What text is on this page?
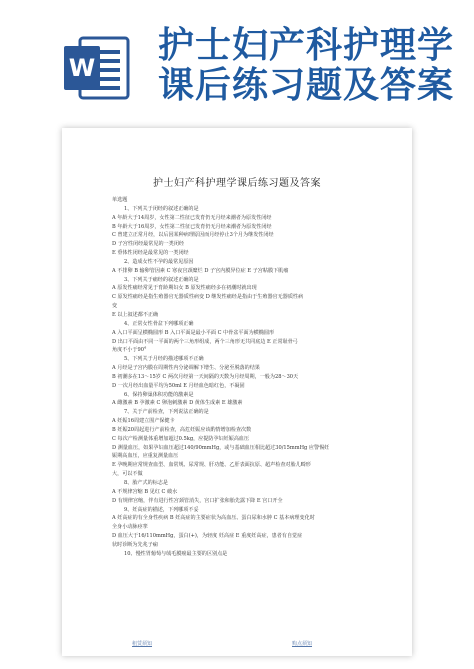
W
护士妇产科护理学
课后练习题及答案
护士妇产科护理学课后练习题及答案
单选题
1、下列关于闭经的叙述正确的是
A 年龄大于14周岁，女性第二性征已发育仍无月经来潮者为原发性闭经
B 年龄大于16周岁，女性第二性征已发育仍无月经来潮者为原发性闭经
C 曾建立正常月经，以后因某种病理原因而月经停止3个月为继发性闭经
D 子宫性闭经最常见的一类闭经
E 垂体性闭经是最常见的一类闭经
2、造成女性不孕的最常见原因
A 不排卵 B 输卵管因素 C 寒夜宫颈糜烂 D 子宫内膜异位症 E 子宫粘膜下肌瘤
3、下列关于痛经的叙述正确的是
A 原发性痛经常见于育龄期妇女 B 原发性痛经多在初潮时就出现
C 原发性痛经是指生殖器官无器质性病变 D 继发性痛经是指由于生殖器官无器质性病
变
E 以上叙述都不正确
4、正常女性骨盆下列哪项正确
A 入口平面呈横椭圆形 B 入口平面是最小平面 C 中骨盆平面为横椭圆形
D 出口平面由不同一平面的两个三角形组成，两个三角形无共同底边 E 正常耻骨弓
角度不小于90°
5、下列关于月经的描述哪项不正确
A 月经是子宫内膜在周期性内分泌调解下增生、分泌至脱落的结果
B 初潮多在13～15岁 C 两次月经第一天间隔的天数为月经周期，一般为28～30天
D 一次月经出血量平均为50ml E 月经血色暗红色，不凝固
6、保持卵巢体积功能的激素是
A 雌激素 B 孕激素 C 卵泡刺激素 D 黄体生成素 E 雄激素
7、关于产前检查，下列说法正确的是
A 妊娠16周建立围产保健卡
B 妊娠20周起进行产前检查，高危妊娠应该酌情增加检查次数
C 每次产检测量体重增加超过0.5kg，应提防孕妇妊娠高血压
D 测量血压，如果孕妇血压超过140/90mmHg，或与基础血压相比超过30/15mmHg 应警惕妊
娠期高血压，应重复测量血压
E 孕晚期应常规查血型、血常规、尿常规、肝功能、乙肝表面抗原、超声检查对胎儿畸形
大，可以不做
8、胎产式的标志是
A 不规律宫缩 B 见红 C 破水
D 有规律宫缩，伴有进行性宫颈管消失，宫口扩张和胎先露下降 E 宫口开全
9、妊高症的描述，下列哪项不妥
A 妊高症的有全身性疾病 B 妊高症的主要症状为高血压、蛋白尿和水肿 C 基本病理变化时
全身小动脉痉挛
D 血压大于16/110mmHg，蛋白(+)，为轻度 妊高症 E 重度妊高症，患者有自觉症
状时诊断为先兆子痫
10、慢性胃葡萄与绒毛膜癌最主要的区别点是
租赁须知	购点须知
